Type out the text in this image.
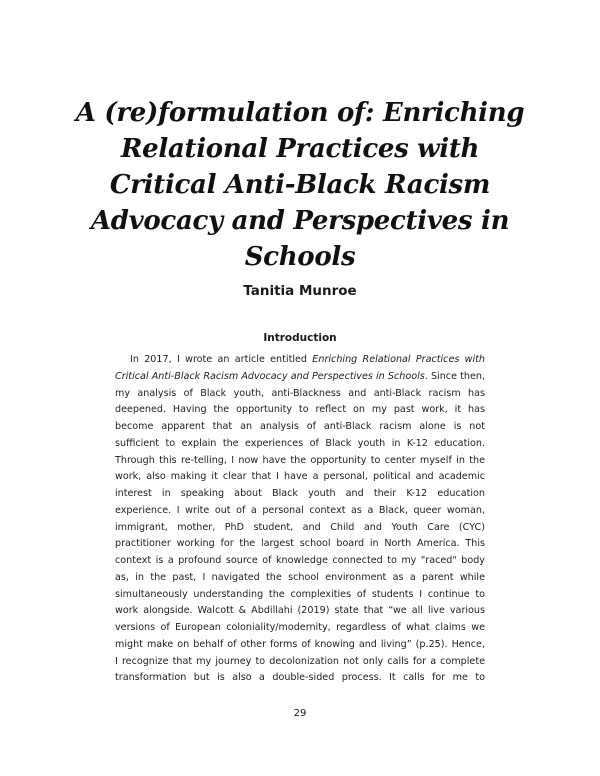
A (re)formulation of: Enriching
Relational Practices with
Critical Anti-Black Racism
Advocacy and Perspectives in
Schools
Tanitia Munroe
Introduction
In 2017, I wrote an article entitled Enriching Relational Practices with
Critical Anti-Black Racism Advocacy and Perspectives in Schools. Since then,
my analysis of Black youth, anti-Blackness and anti-Black racism has
deepened. Having the opportunity to reflect on my past work, it has
become apparent that an analysis of anti-Black racism alone is not
sufficient to explain the experiences of Black youth in K-12 education.
Through this re-telling, I now have the opportunity to center myself in the
work, also making it clear that I have a personal, political and academic
interest in speaking about Black youth and their K-12 education
experience. I write out of a personal context as a Black, queer woman,
immigrant, mother, PhD student, and Child and Youth Care (CYC)
practitioner working for the largest school board in North America. This
context is a profound source of knowledge connected to my "raced" body
as, in the past, I navigated the school environment as a parent while
simultaneously understanding the complexities of students I continue to
work alongside. Walcott & Abdillahi (2019) state that “we all live various
versions of European coloniality/modernity, regardless of what claims we
might make on behalf of other forms of knowing and living” (p.25). Hence,
I recognize that my journey to decolonization not only calls for a complete
transformation but is also a double-sided process. It calls for me to
29
